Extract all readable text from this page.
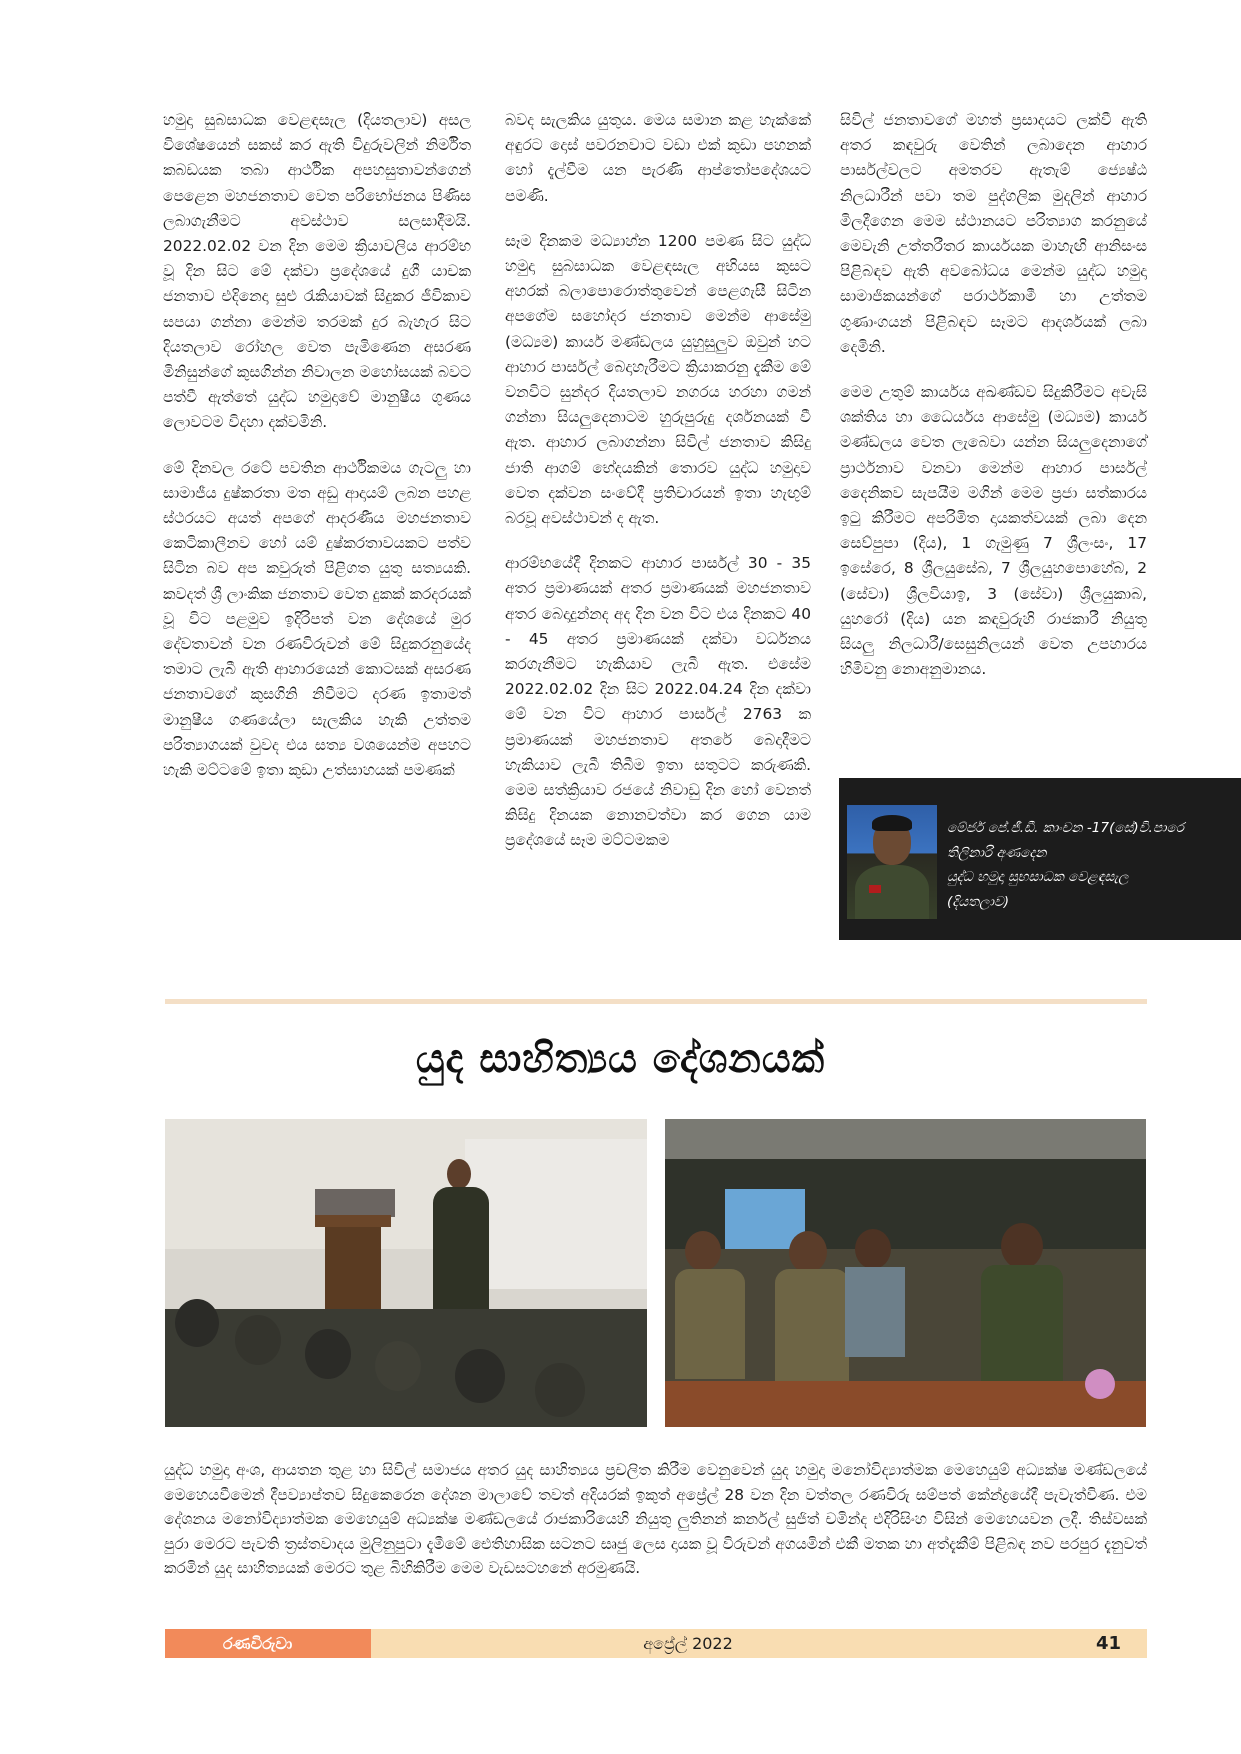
හමුදා සුබසාධක වෙළඳසැල (දියතලාව) අසල විශේෂයෙන් සකස් කර ඇති විදුරුවලින් නිර්මිත කබඩයක තබා ආර්ථික අපහසුතාවන්ගෙන් පෙළෙන මහජනතාව වෙත පරිභෝජනය පිණිස ලබාගැනීමට අවස්ථාව සලසාදීමයි. 2022.02.02 වන දින මෙම ක්‍රියාවලිය ආරම්භ වූ දින සිට මේ දක්වා ප්‍රදේශයේ දුගී යාචක ජනතාව එදිනෙදා සුළු රැකියාවක් සිදුකර ජීවිකාව සපයා ගන්නා මෙන්ම තරමක් දුර බැහැර සිට දියතලාව රෝහල වෙත පැමිණෙන අසරණ මිනිසුන්ගේ කුසගින්න නිවාලන මහෝසයක් බවට පත්වී ඇත්තේ යුද්ධ හමුදාවේ මානුෂීය ගුණය ලොවටම විදහා දක්වමිනි.

මේ දිනවල රටේ පවතින ආර්ථිකමය ගැටලු හා සාමාජීය දුෂ්කරතා මත අඩු ආදායම් ලබන පහළ ස්ථරයට අයත් අපගේ ආදරණීය මහජනතාව කෙටිකාලීනව හෝ යම් දුෂ්කරතාවයකට පත්ව සිටින බව අප කවුරුත් පිළිගත යුතු සත්‍යයකි. කවදත් ශ්‍රී ලාංකික ජනතාව වෙත දුකක් කරදරයක් වූ විට පළමුව ඉදිරිපත් වන දේශයේ මුර දේවතාවන් වන රණවිරුවන් මේ සිදුකරනුයේද තමාට ලැබී ඇති ආහාරයෙන් කොටසක් අසරණ ජනතාවගේ කුසගිනි නිවීමට දරණ ඉතාමත් මානුෂීය ගණයේලා සැලකිය හැකි උත්තම පරිත්‍යාගයක් වුවද එය සත්‍ය වශයෙන්ම අපහට හැකි මට්ටමේ ඉතා කුඩා උත්සාහයක් පමණක්

බවද සැලකිය යුතුය. මෙය සමාන කළ හැක්කේ අඳුරට දොස් පවරනවාට වඩා එක් කුඩා පහනක් හෝ දැල්වීම යන පැරණි ආප්තෝපදේශයට පමණි.

සෑම දිනකම මධ්‍යාහ්න 1200 පමණ සිට යුද්ධ හමුදා සුබසාධක වෙළඳසැල අභියස කුසට අහරක් බලාපොරොත්තුවෙන් පෙළගැසී සිටින අපගේම සහෝදර ජනතාව මෙන්ම ආසේමු (මධ්‍යම) කාර්ය මණ්ඩලය යුහුසුලුව ඔවුන් හට ආහාර පාර්සල් බෙදාහැරීමට ක්‍රියාකරනු දැකීම මේ වනවිට සුන්දර දියතලාව නගරය හරහා ගමන් ගන්නා සියලුදෙනාටම හුරුපුරුදු දර්ශනයක් වී ඇත. ආහාර ලබාගන්නා සිවිල් ජනතාව කිසිදු ජාති ආගම් භේදයකින් තොරව යුද්ධ හමුදාව වෙත දක්වන සංවේදී ප්‍රතිචාරයන් ඉතා හැඟුම් බරවූ අවස්ථාවන් ද ඇත.

ආරම්භයේදී දිනකට ආහාර පාර්සල් 30 - 35 අතර ප්‍රමාණයක් අතර ප්‍රමාණයක් මහජනතාව අතර බෙදාදුන්නද අද දින වන විට එය දිනකට 40 - 45 අතර ප්‍රමාණයක් දක්වා වර්ධනය කරගැනීමට හැකියාව ලැබී ඇත. එසේම 2022.02.02 දින සිට 2022.04.24 දින දක්වා මේ වන විට ආහාර පාර්සල් 2763 ක ප්‍රමාණයක් මහජනතාව අතරේ බෙදාදීමට හැකියාව ලැබී තිබීම ඉතා සතුටට කරුණකි. මෙම සත්ක්‍රියාව රජයේ නිවාඩු දින හෝ වෙනත් කිසිදු දිනයක නොනවත්වා කර ගෙන යාම ප්‍රදේශයේ සෑම මට්ටමකම

සිවිල් ජනතාවගේ මහත් ප්‍රසාදයට ලක්වී ඇති අතර කඳවුරු වෙතින් ලබාදෙන ආහාර පාර්සල්වලට අමතරව ඇතැම් ජ්‍යෙෂ්ඨ නිලධාරීන් පවා තම පුද්ගලික මුදලින් ආහාර මිලදීගෙන මෙම ස්ථානයට පරිත්‍යාග කරනුයේ මෙවැනි උත්තරීතර කාර්යයක මාහැඟි ආනිසංස පිළිබඳව ඇති අවබෝධය මෙන්ම යුද්ධ හමුදා සාමාජිකයන්ගේ පරාර්ථකාමී හා උත්තම ගුණාංගයන් පිළිබඳව සෑමට ආදර්ශයක් ලබා දෙමිනි.

මෙම උතුම් කාර්යය අඛණ්ඩව සිදුකිරීමට අවැසි ශක්තිය හා ධෛර්යය ආසේමු (මධ්‍යම) කාර්ය මණ්ඩලය වෙත ලැබෙවා යන්න සියලුදෙනාගේ ප්‍රාර්ථනාව වනවා මෙන්ම ආහාර පාර්සල් දෛනිකව සැපයීම මගින් මෙම ප්‍රජා සත්කාරය ඉටු කිරීමට අපරිමිත දායකත්වයක් ලබා දෙන සෙව්පුපා (දිය), 1 ගැමුණු 7 ශ්‍රීලංසං, 17 ඉසේරෙ, 8 ශ්‍රීලයුසේබ, 7 ශ්‍රීලයුහපොහේබ, 2 (සේවා) ශ්‍රීලවියාඉ, 3 (සේවා) ශ්‍රීලයුකාබ, යුහරෝ (දිය) යන කඳවුරුහි රාජකාරී නියුතු සියලු නිලධාරී/සෙසුනිලයන් වෙත උපහාරය හිමිවනු නොඅනුමානය.

මේජර් පේ.ජී.ඩී. කාංචන -17(සේ)වි.පාරෙ
තිලිනාරි අණදෙන
යුද්ධ හමුදා සුභසාධක වෙළඳසැල
(දියතලාව)
යුද සාහිත්‍යය දේශනයක්
යුද්ධ හමුදා අංශ, ආයතන තුළ හා සිවිල් සමාජය අතර යුද සාහිත්‍යය ප්‍රචලිත කිරීම වෙනුවෙන් යුද හමුදා මනෝවිද්‍යාත්මක මෙහෙයුම් අධ්‍යක්ෂ මණ්ඩලයේ මෙහෙයවීමෙන් දීපව්‍යාප්තව සිදුකෙරෙන දේශන මාලාවේ තවත් අදියරක් ඉකුත් අප්‍රේල් 28 වන දින වත්තල රණවිරු සම්පත් කේන්ද්‍රයේදී පැවැත්විණ. එම දේශනය මනෝවිද්‍යාත්මක මෙහෙයුම් අධ්‍යක්ෂ මණ්ඩලයේ රාජකාරියෙහි නියුතු ලුතිනන් කර්නල් සුජිත් චමින්ද එදිරිසිංහ විසින් මෙහෙයවන ලදී. තිස්වසක් පුරා මෙරට පැවති ත්‍රස්තවාදය මුලිනුපුටා දැමීමේ ඓතිහාසික සටනට සෘජු ලෙස දායක වූ විරුවන් අගයමින් එකී මතක හා අත්දැකීම් පිළිබඳ නව පරපුර දැනුවත් කරමින් යුද සාහිත්‍යයක් මෙරට තුළ බිහිකිරීම මෙම වැඩසටහනේ අරමුණයි.
රණවිරුවා	අප්‍රේල් 2022	41
